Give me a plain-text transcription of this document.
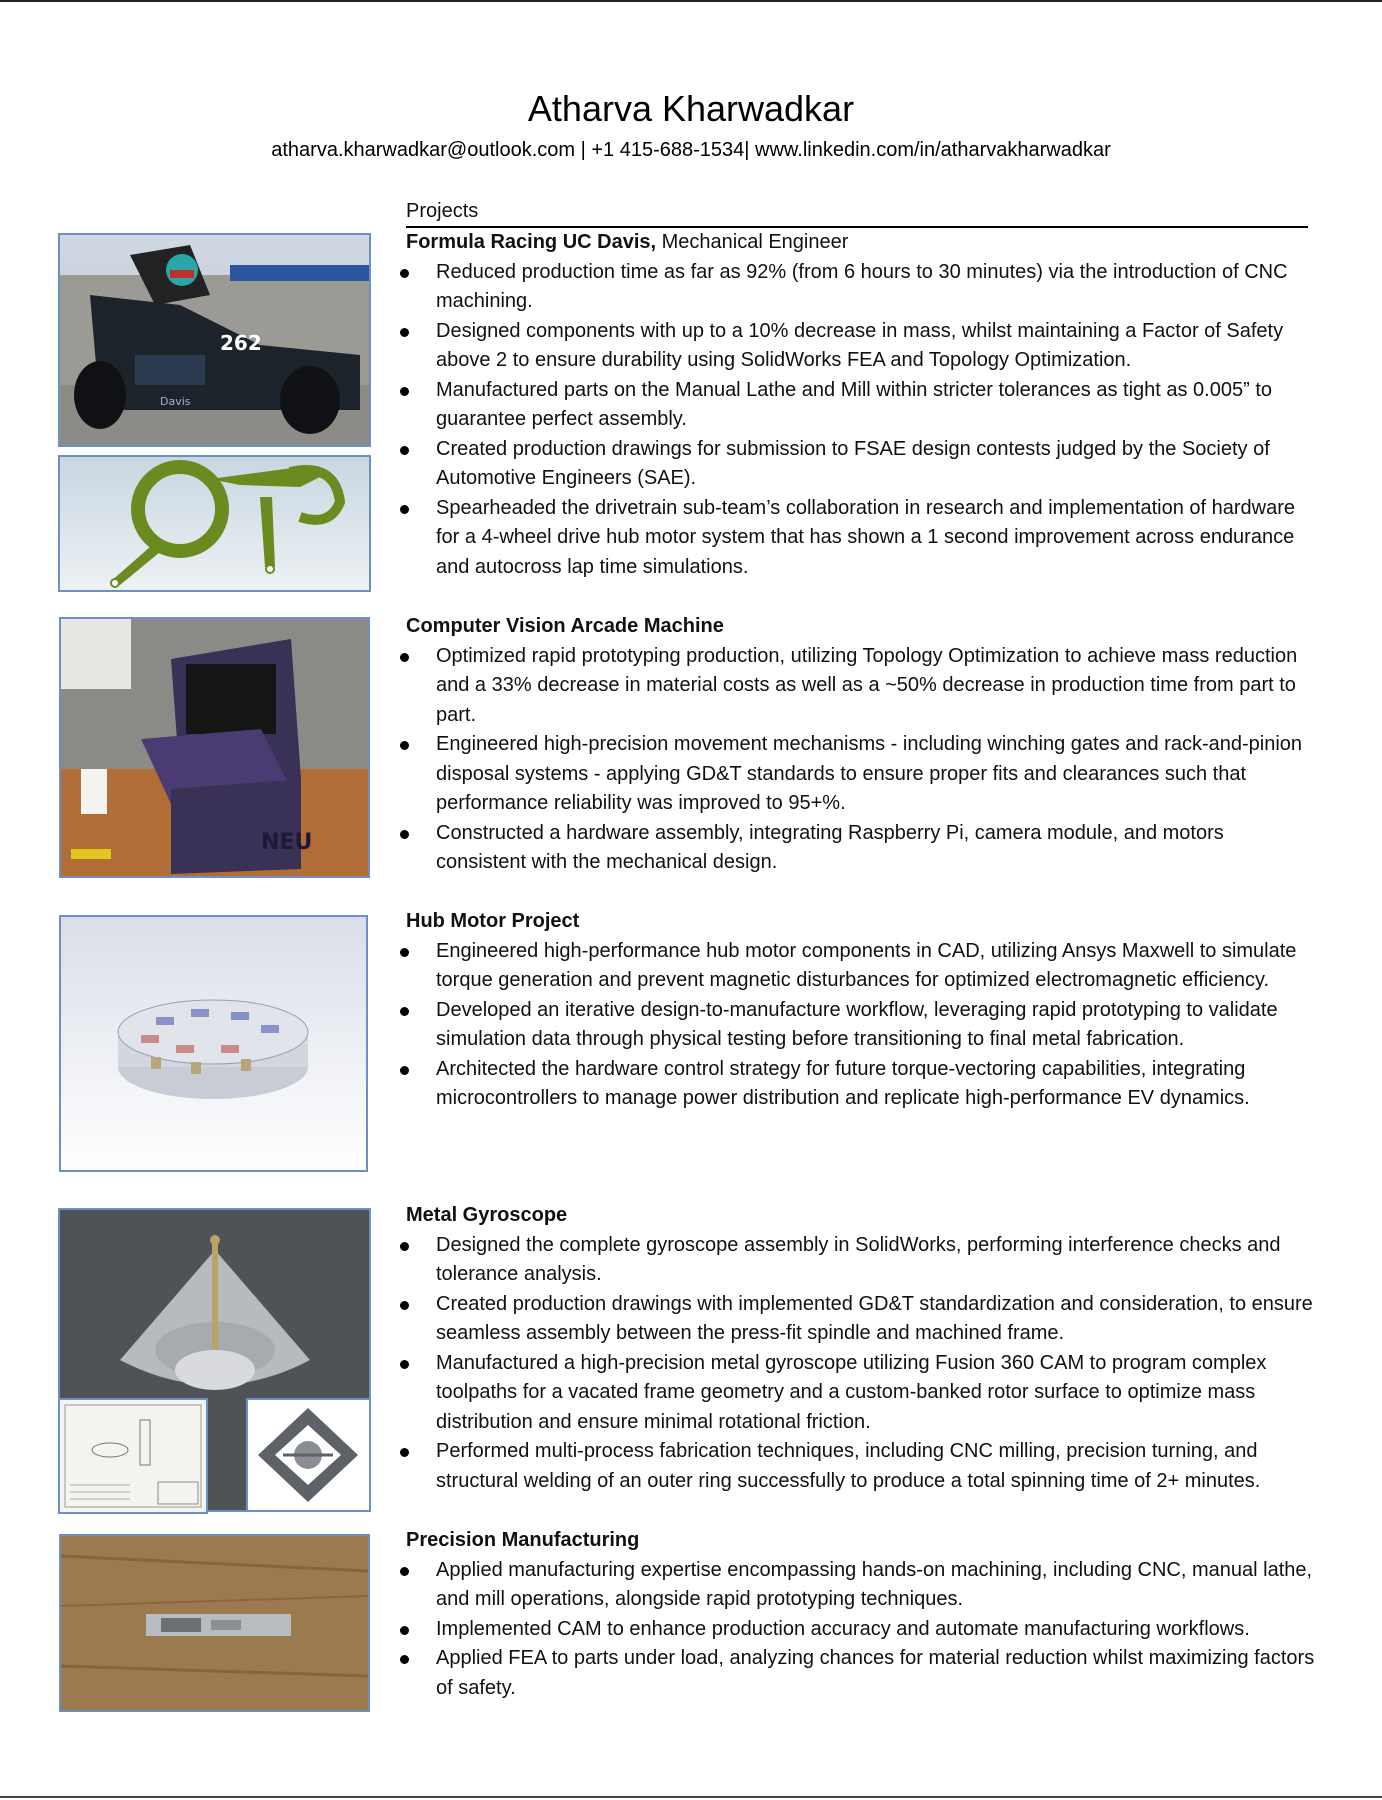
Atharva Kharwadkar
atharva.kharwadkar@outlook.com | +1 415-688-1534| www.linkedin.com/in/atharvakharwadkar
Projects
Formula Racing UC Davis, Mechanical Engineer
Reduced production time as far as 92% (from 6 hours to 30 minutes) via the introduction of CNC machining.
Designed components with up to a 10% decrease in mass, whilst maintaining a Factor of Safety above 2 to ensure durability using SolidWorks FEA and Topology Optimization.
Manufactured parts on the Manual Lathe and Mill within stricter tolerances as tight as 0.005” to guarantee perfect assembly.
Created production drawings for submission to FSAE design contests judged by the Society of Automotive Engineers (SAE).
Spearheaded the drivetrain sub-team’s collaboration in research and implementation of hardware for a 4-wheel drive hub motor system that has shown a 1 second improvement across endurance and autocross lap time simulations.
Computer Vision Arcade Machine
Optimized rapid prototyping production, utilizing Topology Optimization to achieve mass reduction and a 33% decrease in material costs as well as a ~50% decrease in production time from part to part.
Engineered high-precision movement mechanisms - including winching gates and rack-and-pinion disposal systems - applying GD&T standards to ensure proper fits and clearances such that performance reliability was improved to 95+%.
Constructed a hardware assembly, integrating Raspberry Pi, camera module, and motors consistent with the mechanical design.
Hub Motor Project
Engineered high-performance hub motor components in CAD, utilizing Ansys Maxwell to simulate torque generation and prevent magnetic disturbances for optimized electromagnetic efficiency.
Developed an iterative design-to-manufacture workflow, leveraging rapid prototyping to validate simulation data through physical testing before transitioning to final metal fabrication.
Architected the hardware control strategy for future torque-vectoring capabilities, integrating microcontrollers to manage power distribution and replicate high-performance EV dynamics.
Metal Gyroscope
Designed the complete gyroscope assembly in SolidWorks, performing interference checks and tolerance analysis.
Created production drawings with implemented GD&T standardization and consideration, to ensure seamless assembly between the press-fit spindle and machined frame.
Manufactured a high-precision metal gyroscope utilizing Fusion 360 CAM to program complex toolpaths for a vacated frame geometry and a custom-banked rotor surface to optimize mass distribution and ensure minimal rotational friction.
Performed multi-process fabrication techniques, including CNC milling, precision turning, and structural welding of an outer ring successfully to produce a total spinning time of 2+ minutes.
Precision Manufacturing
Applied manufacturing expertise encompassing hands-on machining, including CNC, manual lathe, and mill operations, alongside rapid prototyping techniques.
Implemented CAM to enhance production accuracy and automate manufacturing workflows.
Applied FEA to parts under load, analyzing chances for material reduction whilst maximizing factors of safety.
262
Davis
NEU
